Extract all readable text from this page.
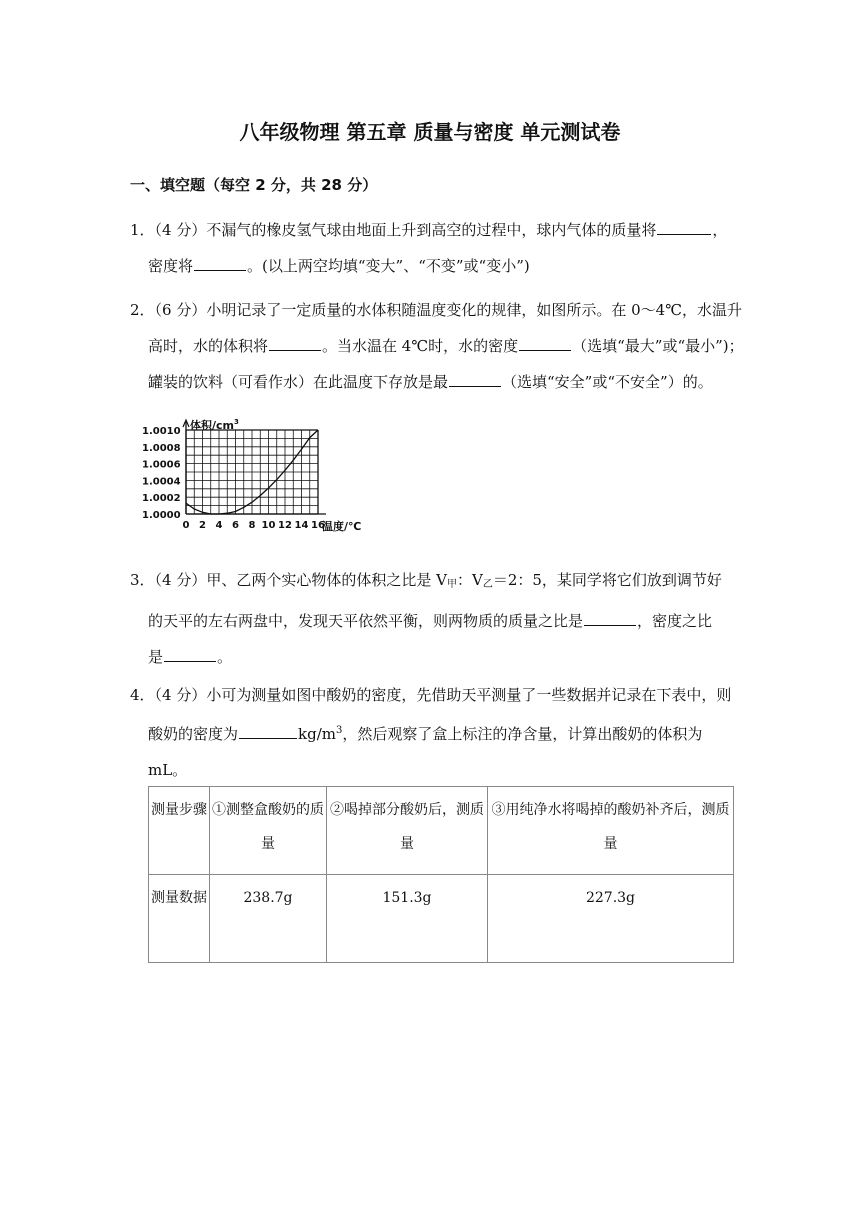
八年级物理 第五章 质量与密度 单元测试卷
一、填空题（每空 2 分，共 28 分）
1．（4 分）不漏气的橡皮氢气球由地面上升到高空的过程中，球内气体的质量将	，
密度将	。(以上两空均填“变大”、“不变”或“变小”)
2．（6 分）小明记录了一定质量的水体积随温度变化的规律，如图所示。在 0～4℃，水温升
高时，水的体积将	。当水温在 4℃时，水的密度	（选填“最大”或“最小”)；
罐装的饮料（可看作水）在此温度下存放是最	（选填“安全”或“不安全”）的。
1.0000
1.0002
1.0004
1.0006
1.0008
1.0010
0 2 4 6 8 10 12 14 16
体积/cm 3
温度/℃
3．（4 分）甲、乙两个实心物体的体积之比是 $V_甲$：$V_乙=2$：5，某同学将它们放到调节好
的天平的左右两盘中，发现天平依然平衡，则两物质的质量之比是	，密度之比
是	。
4．（4 分）小可为测量如图中酸奶的密度，先借助天平测量了一些数据并记录在下表中，则
酸奶的密度为	$kg/m^3$，然后观察了盒上标注的净含量，计算出酸奶的体积为
mL。
测量步骤	①测整盒酸奶的质量	②喝掉部分酸奶后，测质量	③用纯净水将喝掉的酸奶补齐后，测质量
测量数据	238.7g	151.3g	227.3g
